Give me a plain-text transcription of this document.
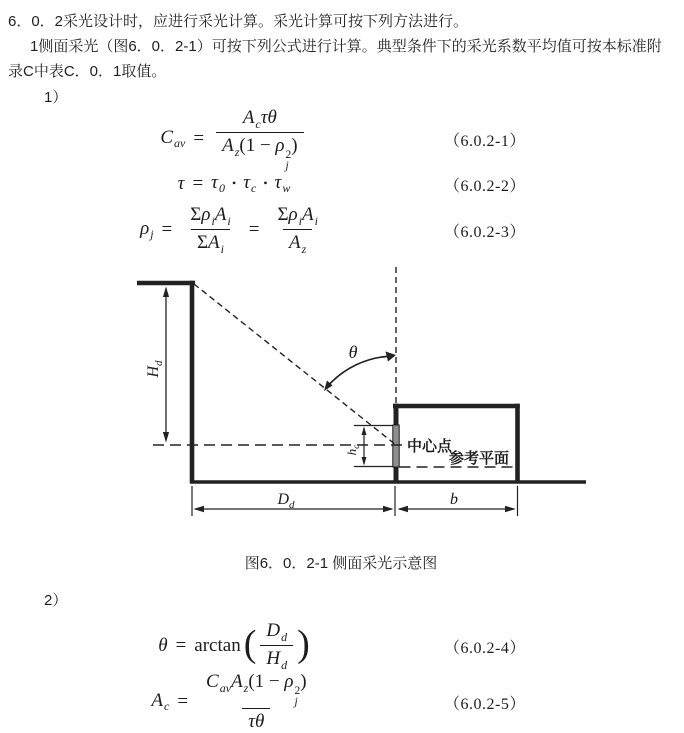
6．0．2采光设计时，应进行采光计算。采光计算可按下列方法进行。

1侧面采光（图6．0．2-1）可按下列公式进行计算。典型条件下的采光系数平均值可按本标准附录C中表C．0．1取值。

1）
$C_{av} = A_c\tau\theta$
$A_z(1 - \rho$ 2
j
)	（6.0.2-1）
$\tau = \tau_0$ • $\tau_c$ • $\tau_w$	（6.0.2-2）
$\rho_j = \frac{\Sigma\rho_iA_i}{\Sigma A_i} = \frac{\Sigma\rho_iA_i}{A_z}$	（6.0.2-3）
θ
$H_d$
$h_c$	中心点
参考平面
$D_d$	b
图6．0．2-1 侧面采光示意图
2）
θ = arctan ( $\frac{D_d}{H_d}$ )	（6.0.2-4）
$A_c = C_{av}A_z(1 - \rho$ 2
j
)
τθ	（6.0.2-5）
